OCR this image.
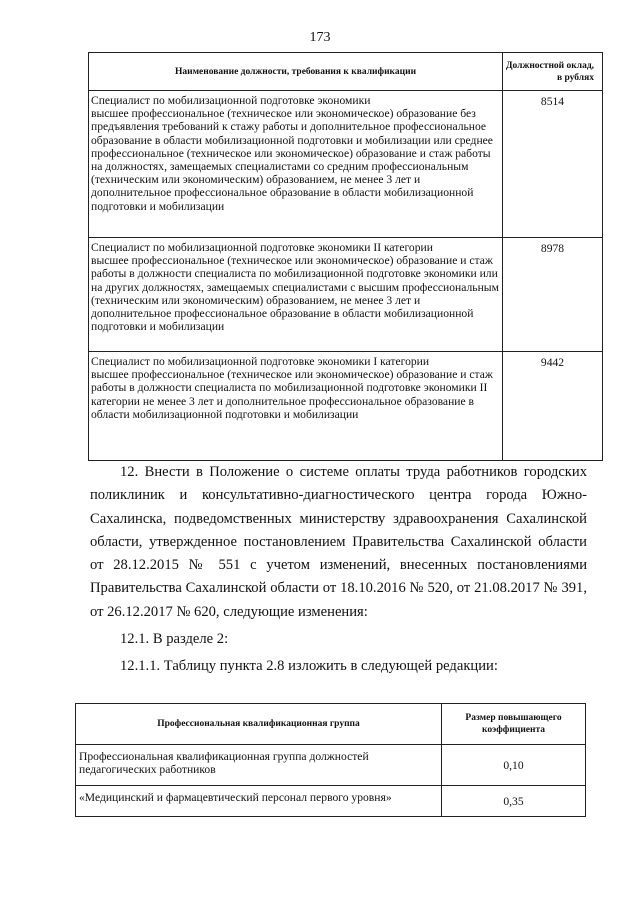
173
Наименование должности, требования к квалификации	Должностной оклад, в рублях

Специалист по мобилизационной подготовке экономики
высшее профессиональное (техническое или экономическое) образование без предъявления требований к стажу работы и дополнительное профессиональное образование в области мобилизационной подготовки и мобилизации или среднее профессиональное (техническое или экономическое) образование и стаж работы на должностях, замещаемых специалистами со средним профессиональным (техническим или экономическим) образованием, не менее 3 лет и дополнительное профессиональное образование в области мобилизационной подготовки и мобилизации	8514

Специалист по мобилизационной подготовке экономики II категории
высшее профессиональное (техническое или экономическое) образование и стаж работы в должности специалиста по мобилизационной подготовке экономики или на других должностях, замещаемых специалистами с высшим профессиональным (техническим или экономическим) образованием, не менее 3 лет и дополнительное профессиональное образование в области мобилизационной подготовки и мобилизации	8978

Специалист по мобилизационной подготовке экономики I категории
высшее профессиональное (техническое или экономическое) образование и стаж работы в должности специалиста по мобилизационной подготовке экономики II категории не менее 3 лет и дополнительное профессиональное образование в области мобилизационной подготовки и мобилизации	9442

12. Внести в Положение о системе оплаты труда работников городских поликлиник и консультативно-диагностического центра города Южно-Сахалинска, подведомственных министерству здравоохранения Сахалинской области, утвержденное постановлением Правительства Сахалинской области от 28.12.2015 № 551 с учетом изменений, внесенных постановлениями Правительства Сахалинской области от 18.10.2016 № 520, от 21.08.2017 № 391, от 26.12.2017 № 620, следующие изменения:

12.1. В разделе 2:

12.1.1. Таблицу пункта 2.8 изложить в следующей редакции:

Профессиональная квалификационная группа	Размер повышающего коэффициента
Профессиональная квалификационная группа должностей педагогических работников	0,10
«Медицинский и фармацевтический персонал первого уровня»	0,35
